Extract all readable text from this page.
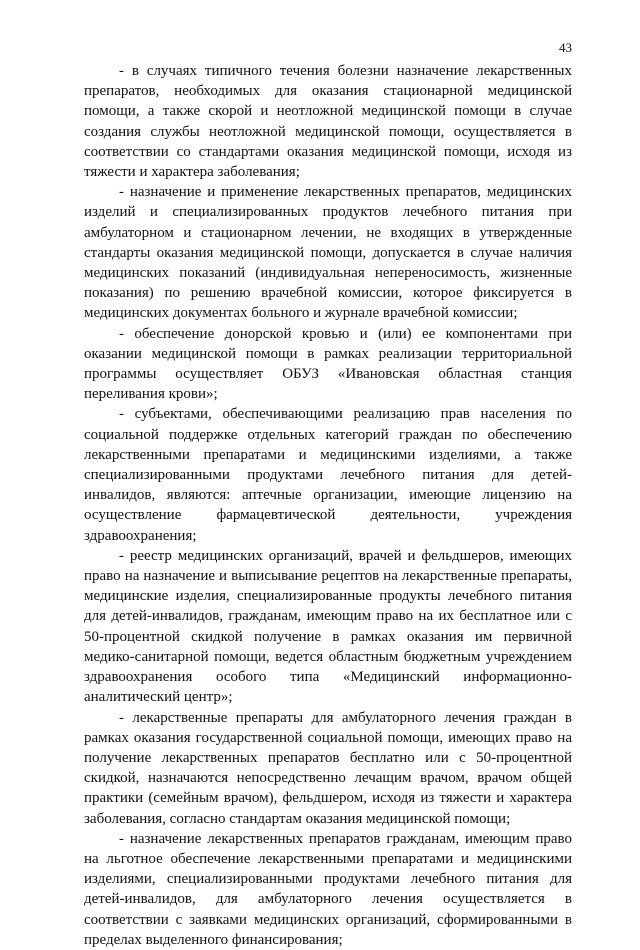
43

- в случаях типичного течения болезни назначение лекарственных препаратов, необходимых для оказания стационарной медицинской помощи, а также скорой и неотложной медицинской помощи в случае создания службы неотложной медицинской помощи, осуществляется в соответствии со стандартами оказания медицинской помощи, исходя из тяжести и характера заболевания;

- назначение и применение лекарственных препаратов, медицинских изделий и специализированных продуктов лечебного питания при амбулаторном и стационарном лечении, не входящих в утвержденные стандарты оказания медицинской помощи, допускается в случае наличия медицинских показаний (индивидуальная непереносимость, жизненные показания) по решению врачебной комиссии, которое фиксируется в медицинских документах больного и журнале врачебной комиссии;

- обеспечение донорской кровью и (или) ее компонентами при оказании медицинской помощи в рамках реализации территориальной программы осуществляет ОБУЗ «Ивановская областная станция переливания крови»;

- субъектами, обеспечивающими реализацию прав населения по социальной поддержке отдельных категорий граждан по обеспечению лекарственными препаратами и медицинскими изделиями, а также специализированными продуктами лечебного питания для детей-инвалидов, являются: аптечные организации, имеющие лицензию на осуществление фармацевтической деятельности, учреждения здравоохранения;

- реестр медицинских организаций, врачей и фельдшеров, имеющих право на назначение и выписывание рецептов на лекарственные препараты, медицинские изделия, специализированные продукты лечебного питания для детей-инвалидов, гражданам, имеющим право на их бесплатное или с 50-процентной скидкой получение в рамках оказания им первичной медико-санитарной помощи, ведется областным бюджетным учреждением здравоохранения особого типа «Медицинский информационно-аналитический центр»;

- лекарственные препараты для амбулаторного лечения граждан в рамках оказания государственной социальной помощи, имеющих право на получение лекарственных препаратов бесплатно или с 50-процентной скидкой, назначаются непосредственно лечащим врачом, врачом общей практики (семейным врачом), фельдшером, исходя из тяжести и характера заболевания, согласно стандартам оказания медицинской помощи;

- назначение лекарственных препаратов гражданам, имеющим право на льготное обеспечение лекарственными препаратами и медицинскими изделиями, специализированными продуктами лечебного питания для детей-инвалидов, для амбулаторного лечения осуществляется в соответствии с заявками медицинских организаций, сформированными в пределах выделенного финансирования;
